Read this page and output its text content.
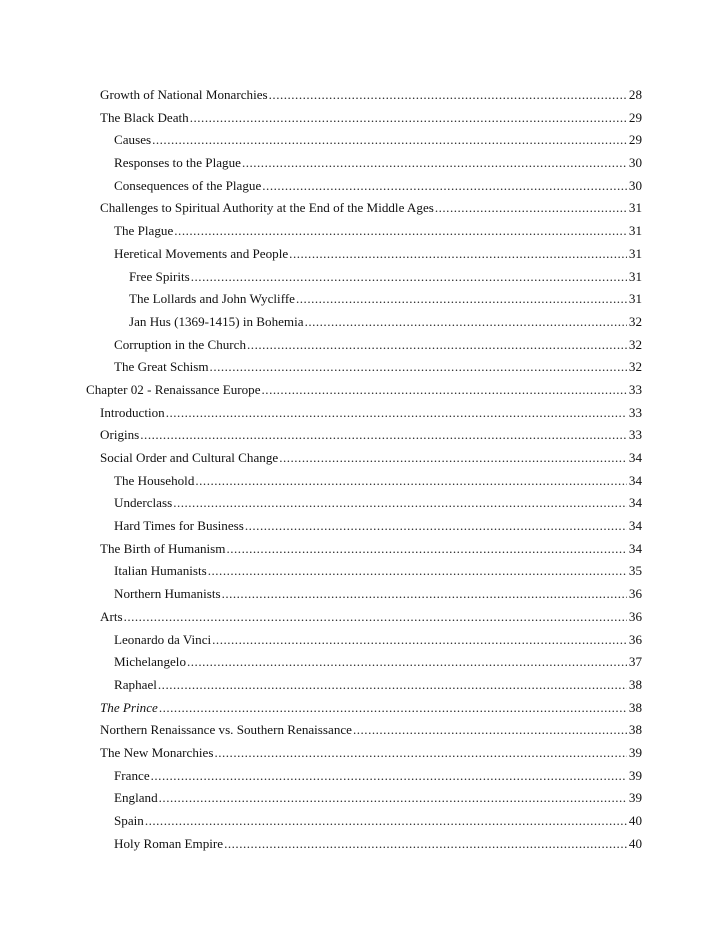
Growth of National Monarchies .....	28
The Black Death .....	29
Causes .....	29
Responses to the Plague .....	30
Consequences of the Plague .....	30
Challenges to Spiritual Authority at the End of the Middle Ages .....	31
The Plague .....	31
Heretical Movements and People .....	31
Free Spirits .....	31
The Lollards and John Wycliffe .....	31
Jan Hus (1369-1415) in Bohemia .....	32
Corruption in the Church .....	32
The Great Schism .....	32
Chapter 02 - Renaissance Europe .....	33
Introduction .....	33
Origins .....	33
Social Order and Cultural Change .....	34
The Household .....	34
Underclass .....	34
Hard Times for Business .....	34
The Birth of Humanism .....	34
Italian Humanists .....	35
Northern Humanists .....	36
Arts .....	36
Leonardo da Vinci .....	36
Michelangelo .....	37
Raphael .....	38
The Prince .....	38
Northern Renaissance vs. Southern Renaissance .....	38
The New Monarchies .....	39
France .....	39
England .....	39
Spain .....	40
Holy Roman Empire .....	40
